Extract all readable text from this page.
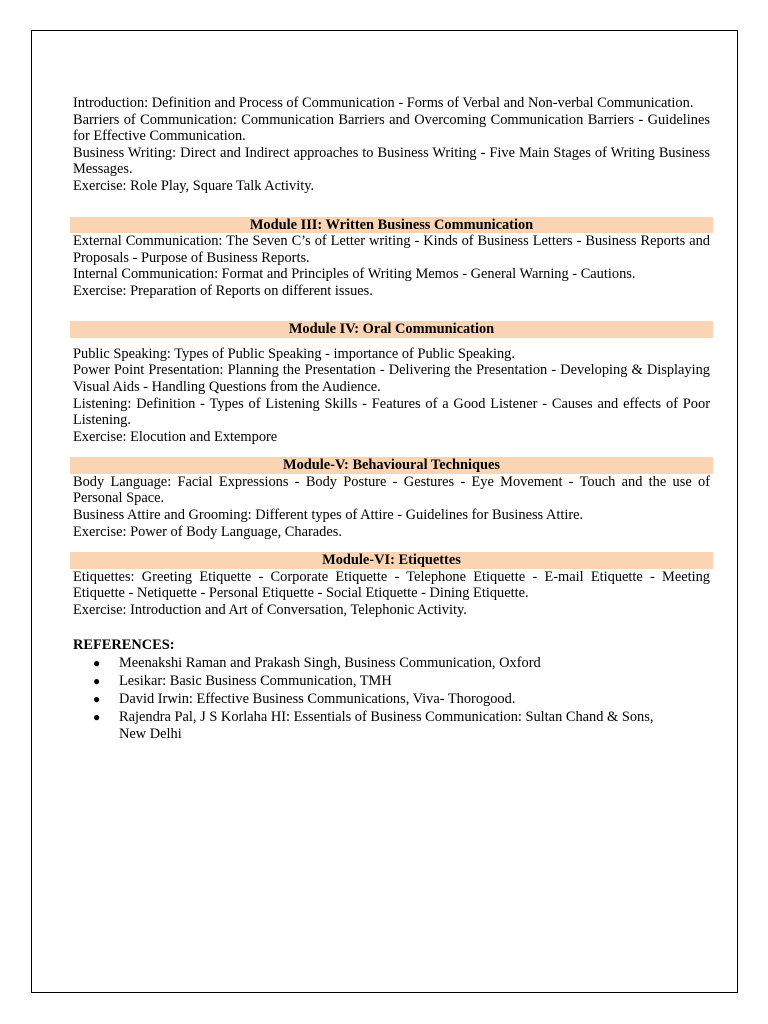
Introduction: Definition and Process of Communication - Forms of Verbal and Non-verbal Communication.

Barriers of Communication: Communication Barriers and Overcoming Communication Barriers - Guidelines for Effective Communication.

Business Writing: Direct and Indirect approaches to Business Writing - Five Main Stages of Writing Business Messages.

Exercise: Role Play, Square Talk Activity.

Module III: Written Business Communication

External Communication: The Seven C’s of Letter writing - Kinds of Business Letters - Business Reports and Proposals - Purpose of Business Reports.

Internal Communication: Format and Principles of Writing Memos - General Warning - Cautions.

Exercise: Preparation of Reports on different issues.

Module IV: Oral Communication

Public Speaking: Types of Public Speaking - importance of Public Speaking.

Power Point Presentation: Planning the Presentation - Delivering the Presentation - Developing & Displaying Visual Aids - Handling Questions from the Audience.

Listening: Definition - Types of Listening Skills - Features of a Good Listener - Causes and effects of Poor Listening.

Exercise: Elocution and Extempore

Module-V: Behavioural Techniques

Body Language: Facial Expressions - Body Posture - Gestures - Eye Movement - Touch and the use of Personal Space.

Business Attire and Grooming: Different types of Attire - Guidelines for Business Attire.

Exercise: Power of Body Language, Charades.

Module-VI: Etiquettes

Etiquettes: Greeting Etiquette - Corporate Etiquette - Telephone Etiquette - E-mail Etiquette - Meeting Etiquette - Netiquette - Personal Etiquette - Social Etiquette - Dining Etiquette.

Exercise: Introduction and Art of Conversation, Telephonic Activity.

REFERENCES:

● Meenakshi Raman and Prakash Singh, Business Communication, Oxford
● Lesikar: Basic Business Communication, TMH
● David Irwin: Effective Business Communications, Viva- Thorogood.
● Rajendra Pal, J S Korlaha HI: Essentials of Business Communication: Sultan Chand & Sons, New Delhi
